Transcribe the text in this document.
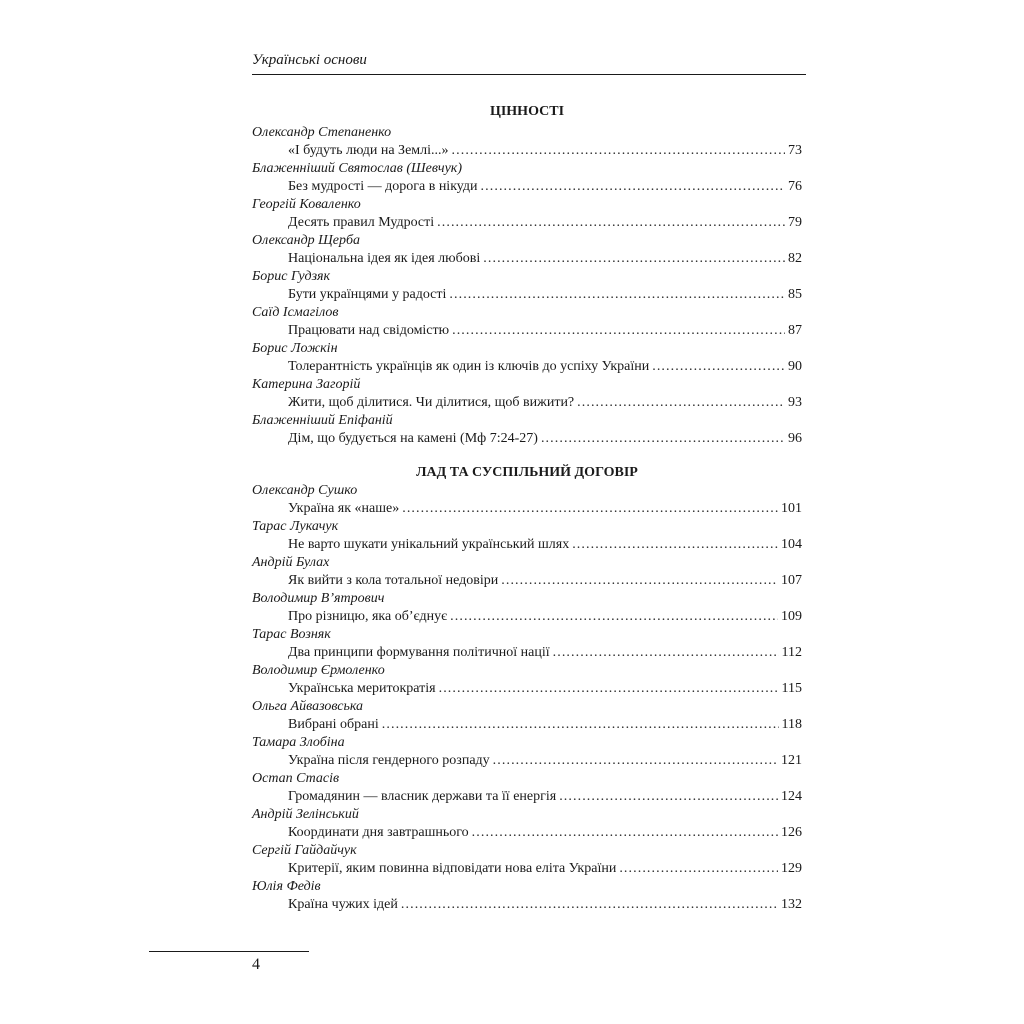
Українські основи
ЦІННОСТІ
Олександр Степаненко
«І будуть люди на Землі...» . . .	73
Блаженніший Святослав (Шевчук)
Без мудрості — дорога в нікуди . . .	76
Георгій Коваленко
Десять правил Мудрості . . .	79
Олександр Щерба
Національна ідея як ідея любові . . .	82
Борис Гудзяк
Бути українцями у радості . . .	85
Саїд Ісмагілов
Працювати над свідомістю . . .	87
Борис Ложкін
Толерантність українців як один із ключів до успіху України . . .	90
Катерина Загорій
Жити, щоб ділитися. Чи ділитися, щоб вижити? . . .	93
Блаженніший Епіфаній
Дім, що будується на камені (Мф 7:24-27) . . .	96
ЛАД ТА СУСПІЛЬНИЙ ДОГОВІР
Олександр Сушко
Україна як «наше» . . .	101
Тарас Лукачук
Не варто шукати унікальний український шлях . . .	104
Андрій Булах
Як вийти з кола тотальної недовіри . . .	107
Володимир В’ятрович
Про різницю, яка об’єднує . . .	109
Тарас Возняк
Два принципи формування політичної нації . . .	112
Володимир Єрмоленко
Українська меритократія . . .	115
Ольга Айвазовська
Вибрані обрані . . .	118
Тамара Злобіна
Україна після гендерного розпаду . . .	121
Остап Стасів
Громадянин — власник держави та її енергія . . .	124
Андрій Зелінський
Координати дня завтрашнього . . .	126
Сергій Гайдайчук
Критерії, яким повинна відповідати нова еліта України . . .	129
Юлія Федів
Країна чужих ідей . . .	132
4
